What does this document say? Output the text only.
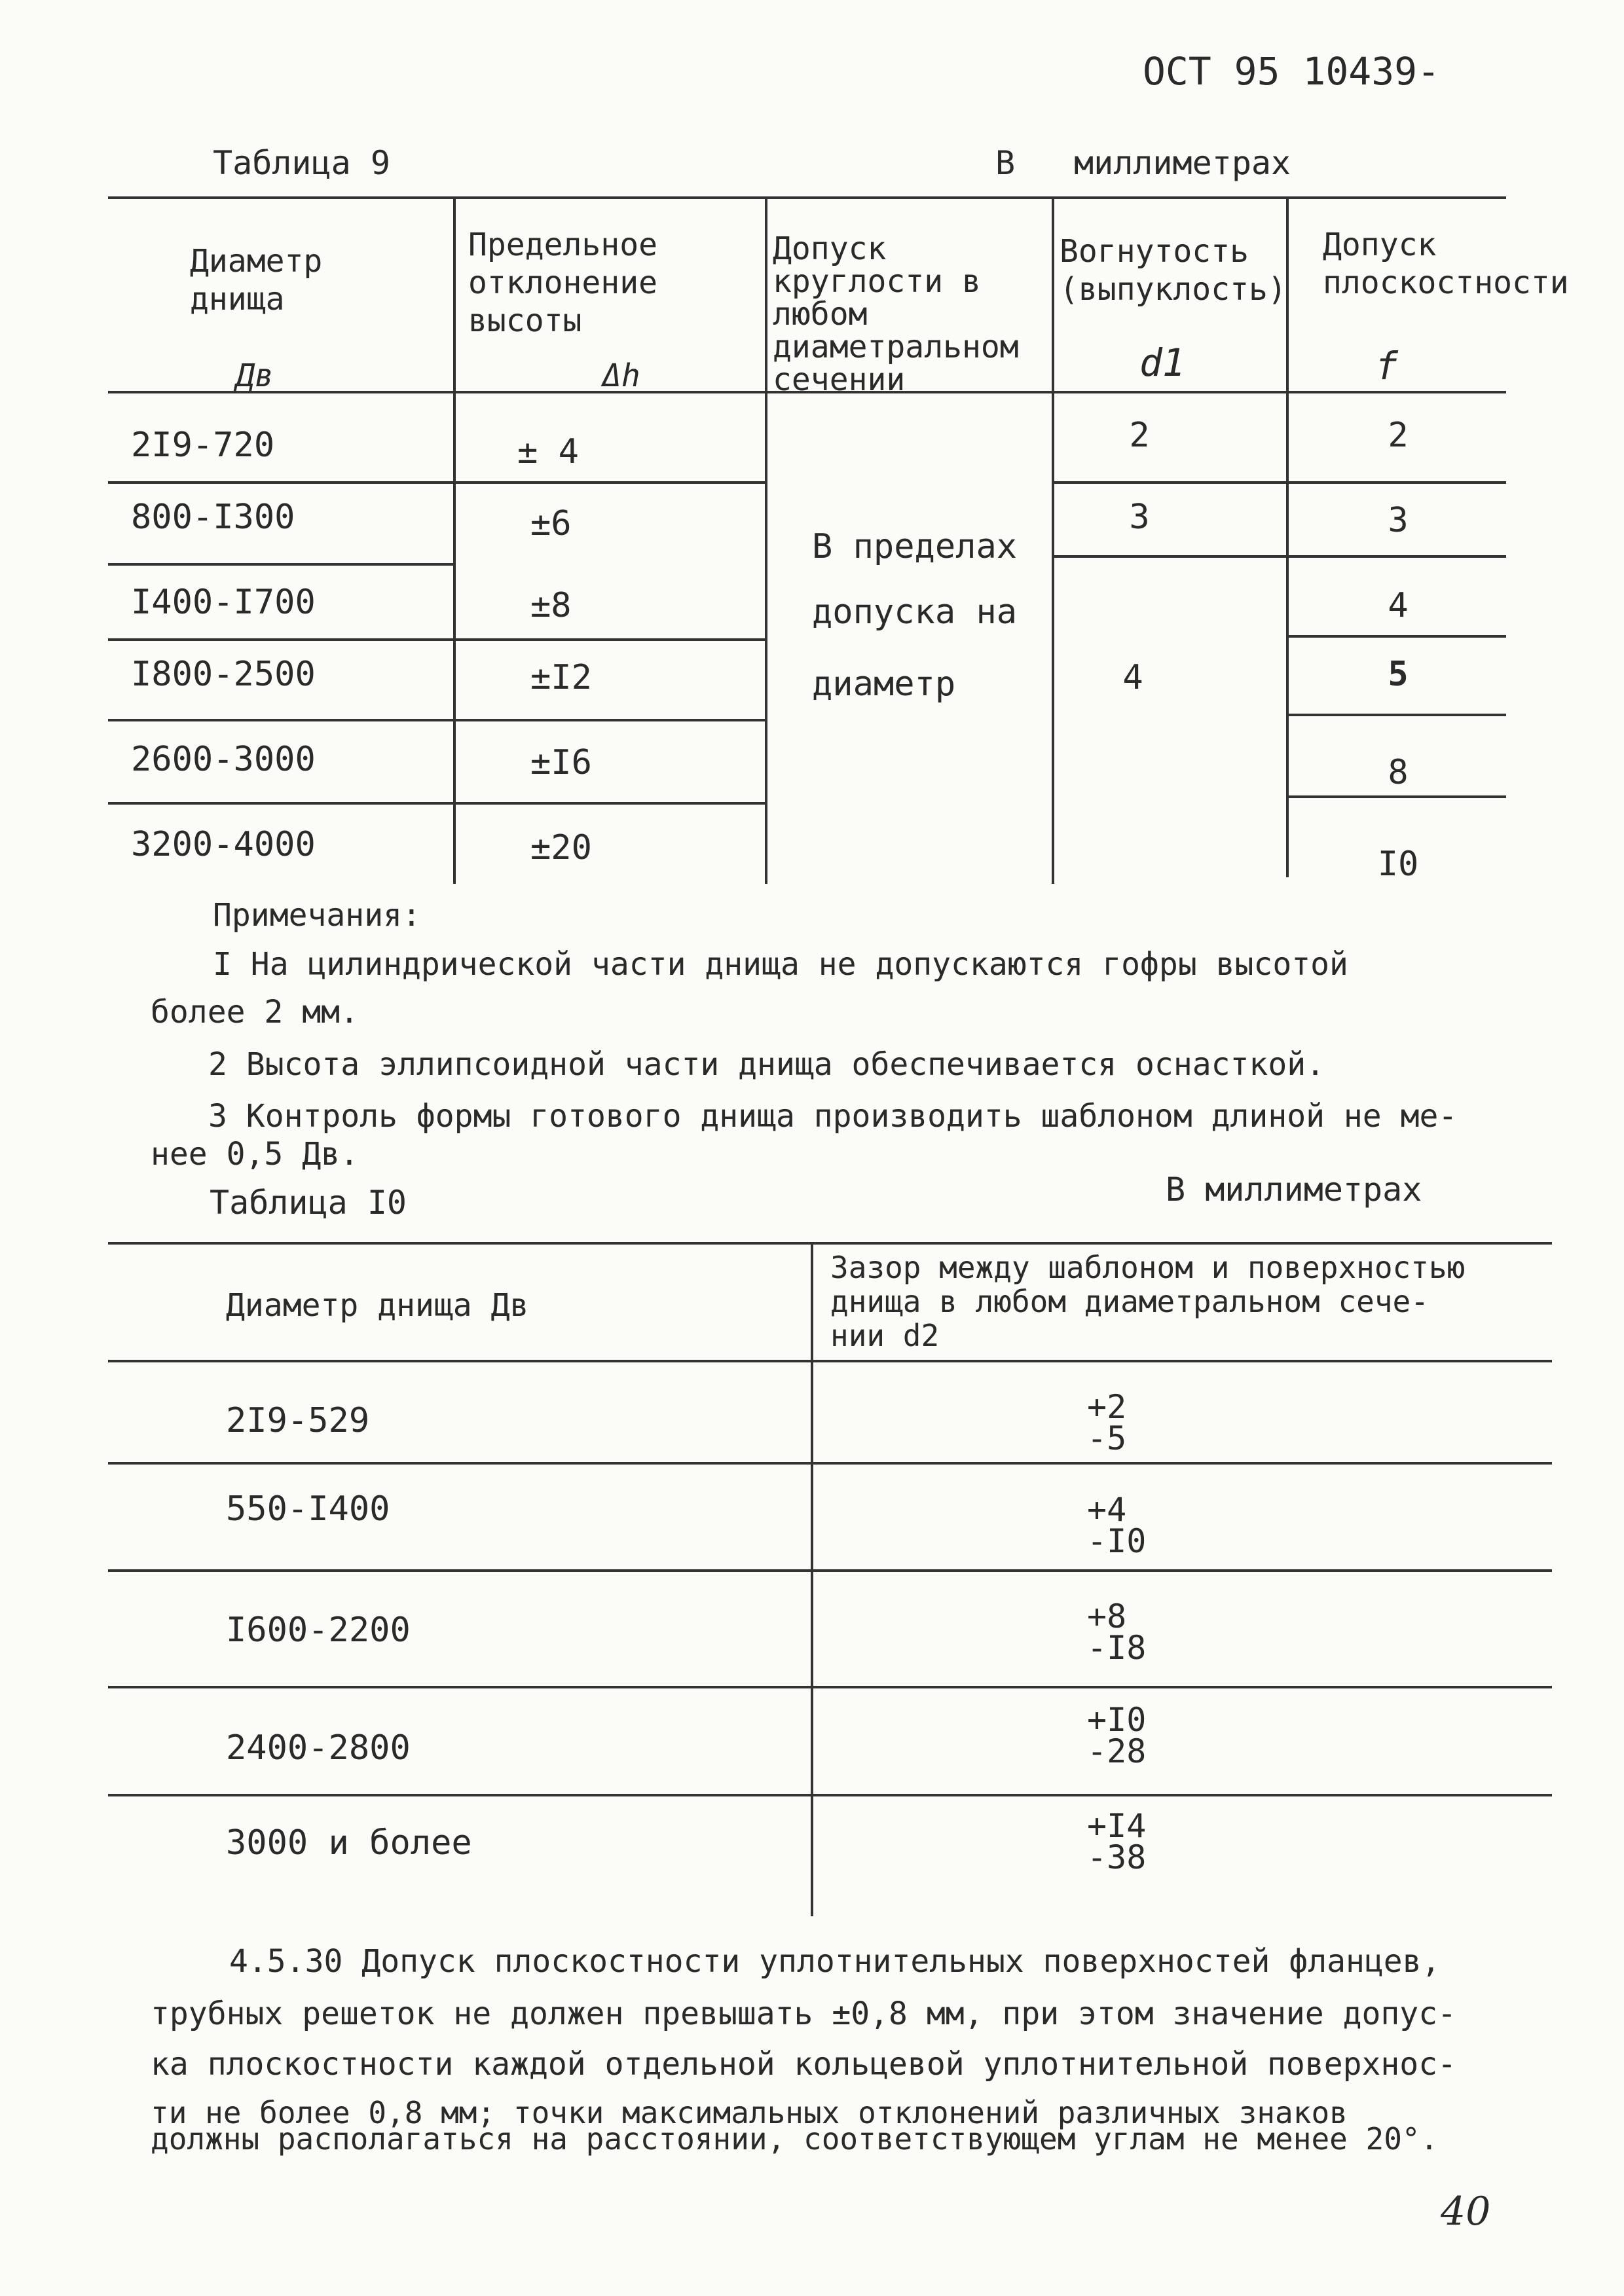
ОСТ 95 10439-
Таблица 9	В миллиметрах
Диаметр днища
Дв
Предельное отклонение высоты
Δh
Допуск круглости в любом диаметральном сечении
Вогнутость (выпуклость)
d1
Допуск плоскостности
f
2I9-720
800-I300
I400-I700
I800-2500
2600-3000
3200-4000
± 4
±6
±8
±I2
±I6
±20
В пределах
допуска на
диаметр
2
3
4
2
3
4
5
8
I0
Примечания:
I На цилиндрической части днища не допускаются гофры высотой
более 2 мм.
2 Высота эллипсоидной части днища обеспечивается оснасткой.
3 Контроль формы готового днища производить шаблоном длиной не ме-
нее 0,5 Дв.
Таблица I0	В миллиметрах
Диаметр днища Дв
Зазор между шаблоном и поверхностью
днища в любом диаметральном сече-
нии d2
2I9-529
550-I400
I600-2200
2400-2800
3000 и более
+2
-5
+4
-I0
+8
-I8
+I0
-28
+I4
-38
4.5.30 Допуск плоскостности уплотнительных поверхностей фланцев,
трубных решеток не должен превышать ±0,8 мм, при этом значение допус-
ка плоскостности каждой отдельной кольцевой уплотнительной поверхнос-
ти не более 0,8 мм; точки максимальных отклонений различных знаков
должны располагаться на расстоянии, соответствующем углам не менее 20°.
40
